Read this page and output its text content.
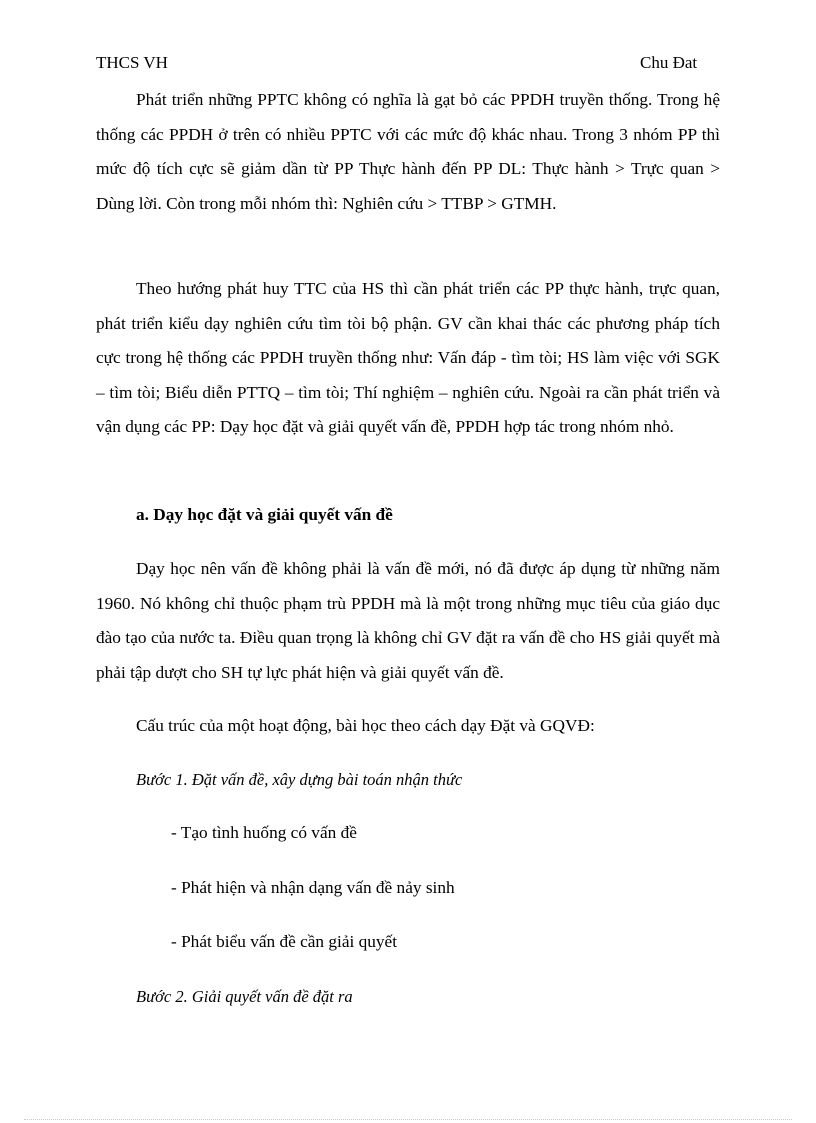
THCS VH	Chu Đat

Phát triển những PPTC không có nghĩa là gạt bỏ các PPDH truyền thống. Trong hệ thống các PPDH ở trên có nhiều PPTC với các mức độ khác nhau. Trong 3 nhóm PP thì mức độ tích cực sẽ giảm dần từ PP Thực hành đến PP DL: Thực hành > Trực quan > Dùng lời. Còn trong mỗi nhóm thì: Nghiên cứu > TTBP > GTMH.

Theo hướng phát huy TTC của HS thì cần phát triển các PP thực hành, trực quan, phát triển kiểu dạy nghiên cứu tìm tòi bộ phận. GV cần khai thác các phương pháp tích cực trong hệ thống các PPDH truyền thống như: Vấn đáp - tìm tòi; HS làm việc với SGK – tìm tòi; Biểu diễn PTTQ – tìm tòi; Thí nghiệm – nghiên cứu. Ngoài ra cần phát triển và vận dụng các PP: Dạy học đặt và giải quyết vấn đề, PPDH hợp tác trong nhóm nhỏ.

a. Dạy học đặt và giải quyết vấn đề

Dạy học nên vấn đề không phải là vấn đề mới, nó đã được áp dụng từ những năm 1960. Nó không chỉ thuộc phạm trù PPDH mà là một trong những mục tiêu của giáo dục đào tạo của nước ta. Điều quan trọng là không chỉ GV đặt ra vấn đề cho HS giải quyết mà phải tập dượt cho SH tự lực phát hiện và giải quyết vấn đề.

Cấu trúc của một hoạt động, bài học theo cách dạy Đặt và GQVĐ:

Bước 1. Đặt vấn đề, xây dựng bài toán nhận thức

- Tạo tình huống có vấn đề

- Phát hiện và nhận dạng vấn đề nảy sinh

- Phát biểu vấn đề cần giải quyết

Bước 2. Giải quyết vấn đề đặt ra
